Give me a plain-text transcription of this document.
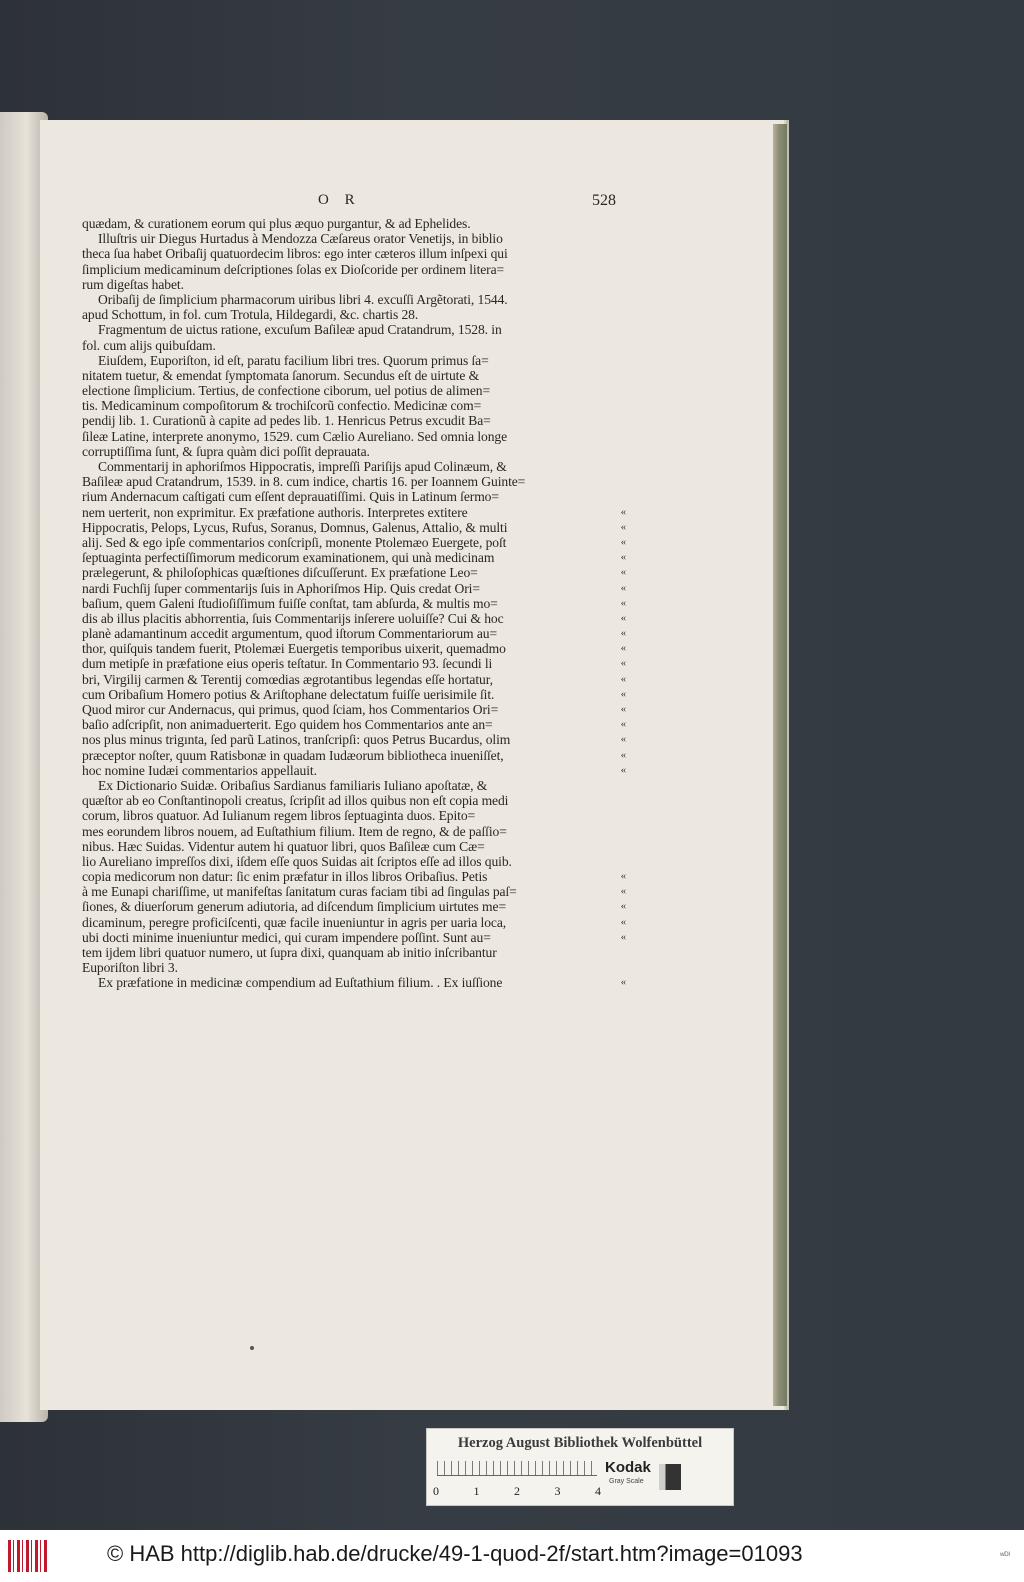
O R	528
quædam, & curationem eorum qui plus æquo purgantur, & ad Ephelides.
Illuſtris uir Diegus Hurtadus à Mendozza Cæſareus orator Venetijs, in biblio
theca ſua habet Oribaſij quatuordecim libros: ego inter cæteros illum inſpexi qui
ſimplicium medicaminum deſcriptiones ſolas ex Dioſcoride per ordinem litera=
rum digeſtas habet.
Oribaſij de ſimplicium pharmacorum uiribus libri 4. excuſſi Argẽtorati, 1544.
apud Schottum, in fol. cum Trotula, Hildegardi, &c. chartis 28.
Fragmentum de uictus ratione, excuſum Baſileæ apud Cratandrum, 1528. in
fol. cum alijs quibuſdam.
Eiuſdem, Euporiſton, id eſt, paratu facilium libri tres. Quorum primus ſa=
nitatem tuetur, & emendat ſymptomata ſanorum. Secundus eſt de uirtute &
electione ſimplicium. Tertius, de confectione ciborum, uel potius de alimen=
tis. Medicaminum compoſitorum & trochiſcorũ confectio. Medicinæ com=
pendij lib. 1. Curationũ à capite ad pedes lib. 1. Henricus Petrus excudit Ba=
ſileæ Latine, interprete anonymo, 1529. cum Cælio Aureliano. Sed omnia longe
corruptiſſima ſunt, & ſupra quàm dici poſſit deprauata.
Commentarij in aphoriſmos Hippocratis, impreſſi Pariſijs apud Colinæum, &
Baſileæ apud Cratandrum, 1539. in 8. cum indice, chartis 16. per Ioannem Guinte=
rium Andernacum caſtigati cum eſſent deprauatiſſimi. Quis in Latinum ſermo=
nem uerterit, non exprimitur. Ex præfatione authoris. Interpretes extitere	«
Hippocratis, Pelops, Lycus, Rufus, Soranus, Domnus, Galenus, Attalio, & multi	«
alij. Sed & ego ipſe commentarios conſcripſi, monente Ptolemæo Euergete, poſt	«
ſeptuaginta perfectiſſimorum medicorum examinationem, qui unà medicinam	«
prælegerunt, & philoſophicas quæſtiones diſcuſſerunt. Ex præfatione Leo=	«
nardi Fuchſij ſuper commentarijs ſuis in Aphoriſmos Hip. Quis credat Ori=	«
baſium, quem Galeni ſtudioſiſſimum fuiſſe conſtat, tam abſurda, & multis mo=	«
dis ab illus placitis abhorrentia, ſuis Commentarijs inſerere uoluiſſe? Cui & hoc	«
planè adamantinum accedit argumentum, quod iſtorum Commentariorum au=	«
thor, quiſquis tandem fuerit, Ptolemæi Euergetis temporibus uixerit, quemadmo	«
dum metipſe in præfatione eius operis teſtatur. In Commentario 93. ſecundi li	«
bri, Virgilij carmen & Terentij comœdias ægrotantibus legendas eſſe hortatur,	«
cum Oribaſium Homero potius & Ariſtophane delectatum fuiſſe uerisimile ſit.	«
Quod miror cur Andernacus, qui primus, quod ſciam, hos Commentarios Ori=	«
baſio adſcripſit, non animaduerterit. Ego quidem hos Commentarios ante an=	«
nos plus minus trigınta, ſed parũ Latinos, tranſcripſi: quos Petrus Bucardus, olim	«
præceptor noſter, quum Ratisbonæ in quadam Iudæorum bibliotheca inueniſſet,	«
hoc nomine Iudæi commentarios appellauit.	«
Ex Dictionario Suidæ. Oribaſius Sardianus familiaris Iuliano apoſtatæ, &
quæſtor ab eo Conſtantinopoli creatus, ſcripſit ad illos quibus non eſt copia medi
corum, libros quatuor. Ad Iulianum regem libros ſeptuaginta duos. Epito=
mes eorundem libros nouem, ad Euſtathium filium. Item de regno, & de paſſio=
nibus. Hæc Suidas. Videntur autem hi quatuor libri, quos Baſileæ cum Cæ=
lio Aureliano impreſſos dixi, iſdem eſſe quos Suidas ait ſcriptos eſſe ad illos quib.
copia medicorum non datur: ſic enim præfatur in illos libros Oribaſius. Petis	«
à me Eunapi chariſſime, ut manifeſtas ſanitatum curas faciam tibi ad ſingulas paſ=	«
ſiones, & diuerſorum generum adiutoria, ad diſcendum ſimplicium uirtutes me=	«
dicaminum, peregre proficiſcenti, quæ facile inueniuntur in agris per uaria loca,	«
ubi docti minime inueniuntur medici, qui curam impendere poſſint. Sunt au=	«
tem ijdem libri quatuor numero, ut ſupra dixi, quanquam ab initio inſcribantur
Euporiſton libri 3.
Ex præfatione in medicinæ compendium ad Euſtathium filium. . Ex iuſſione	«
Herzog August Bibliothek Wolfenbüttel
0	1	2	3	4
Kodak
Gray Scale
© HAB http://diglib.hab.de/drucke/49-1-quod-2f/start.htm?image=01093	ʷᴰᴵ
